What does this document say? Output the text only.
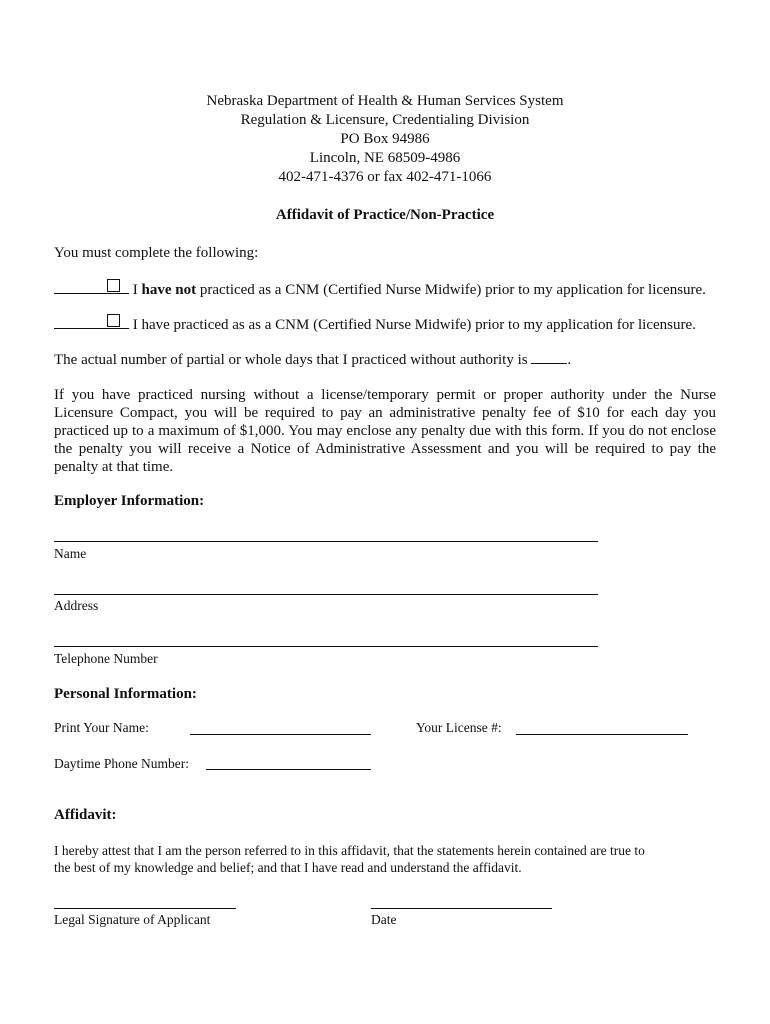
Nebraska Department of Health & Human Services System
Regulation & Licensure, Credentialing Division
PO Box 94986
Lincoln, NE 68509-4986
402-471-4376 or fax 402-471-1066
Affidavit of Practice/Non-Practice
You must complete the following:
I have not practiced as a CNM (Certified Nurse Midwife) prior to my application for licensure.
I have practiced as as a CNM (Certified Nurse Midwife) prior to my application for licensure.
The actual number of partial or whole days that I practiced without authority is	.
If you have practiced nursing without a license/temporary permit or proper authority under the Nurse Licensure Compact, you will be required to pay an administrative penalty fee of $10 for each day you practiced up to a maximum of $1,000. You may enclose any penalty due with this form. If you do not enclose the penalty you will receive a Notice of Administrative Assessment and you will be required to pay the penalty at that time.
Employer Information:
Name
Address
Telephone Number
Personal Information:
Print Your Name:	Your License #:
Daytime Phone Number:
Affidavit:
I hereby attest that I am the person referred to in this affidavit, that the statements herein contained are true to
the best of my knowledge and belief; and that I have read and understand the affidavit.
Legal Signature of Applicant	Date
